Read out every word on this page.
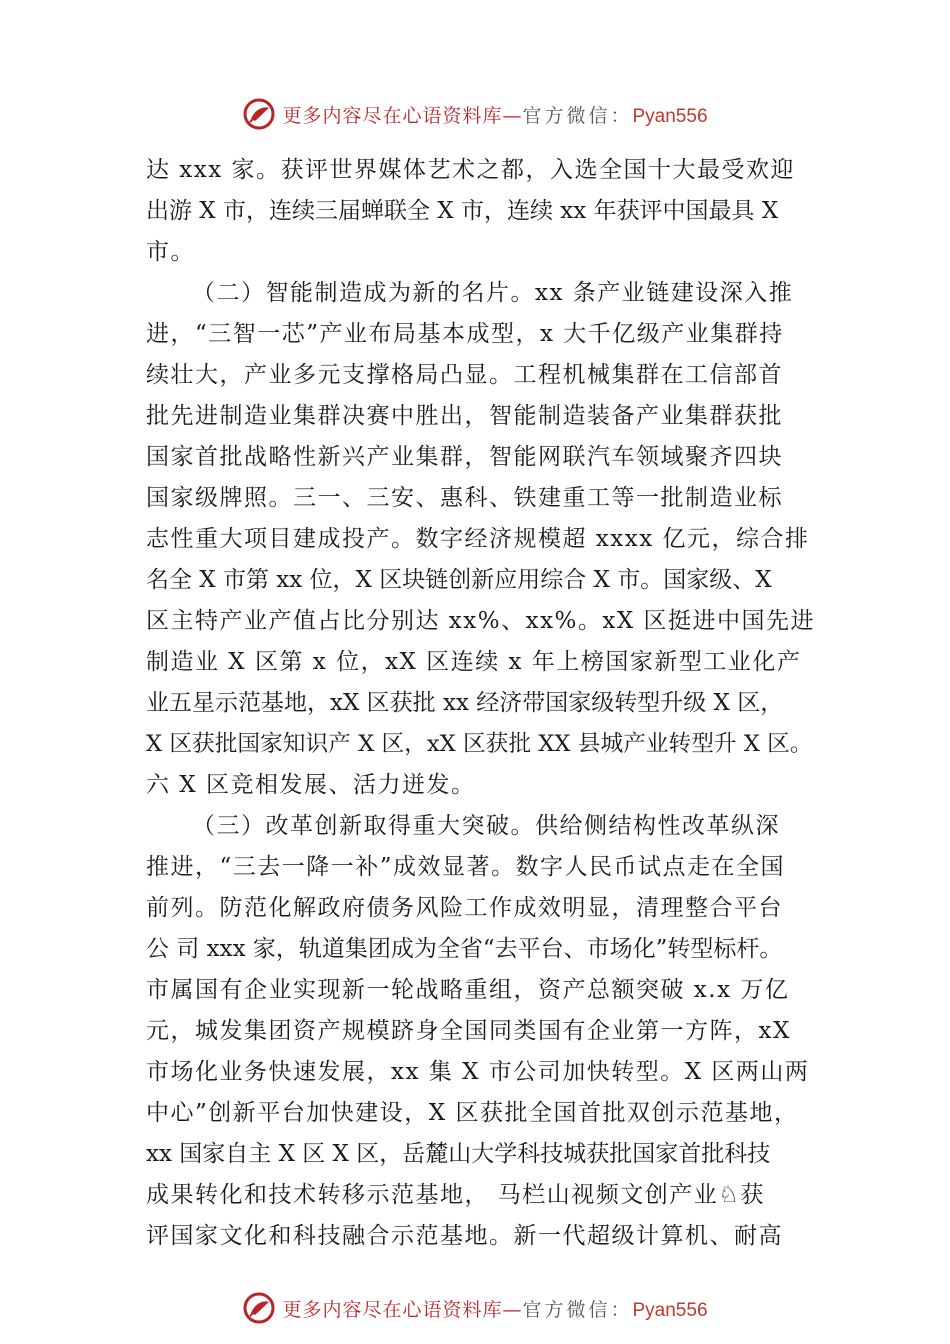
更多内容尽在心语资料库—官方微信：Pyan556
达 xxx 家。获评世界媒体艺术之都，入选全国十大最受欢迎
出游 X 市，连续三届蝉联全 X 市，连续 xx 年获评中国最具 X
市。
（二）智能制造成为新的名片。xx 条产业链建设深入推
进，“三智一芯”产业布局基本成型，x 大千亿级产业集群持
续壮大，产业多元支撑格局凸显。工程机械集群在工信部首
批先进制造业集群决赛中胜出，智能制造装备产业集群获批
国家首批战略性新兴产业集群，智能网联汽车领域聚齐四块
国家级牌照。三一、三安、惠科、铁建重工等一批制造业标
志性重大项目建成投产。数字经济规模超 xxxx 亿元，综合排
名全 X 市第 xx 位，X 区块链创新应用综合 X 市。国家级、X
区主特产业产值占比分别达 xx%、xx%。xX 区挺进中国先进
制造业 X 区第 x 位，xX 区连续 x 年上榜国家新型工业化产
业五星示范基地，xX 区获批 xx 经济带国家级转型升级 X 区，
X 区获批国家知识产 X 区，xX 区获批 XX 县城产业转型升 X 区。
六 X 区竞相发展、活力迸发。
（三）改革创新取得重大突破。供给侧结构性改革纵深
推进，“三去一降一补”成效显著。数字人民币试点走在全国
前列。防范化解政府债务风险工作成效明显，清理整合平台
公 司 xxx 家，轨道集团成为全省“去平台、市场化”转型标杆。
市属国有企业实现新一轮战略重组，资产总额突破 x.x 万亿
元，城发集团资产规模跻身全国同类国有企业第一方阵，xX
市场化业务快速发展，xx 集 X 市公司加快转型。X 区两山两
中心”创新平台加快建设，X 区获批全国首批双创示范基地，
xx 国家自主 X 区 X 区，岳麓山大学科技城获批国家首批科技
成果转化和技术转移示范基地， 马栏山视频文创产业♘获
评国家文化和科技融合示范基地。新一代超级计算机、耐高
更多内容尽在心语资料库—官方微信：Pyan556
